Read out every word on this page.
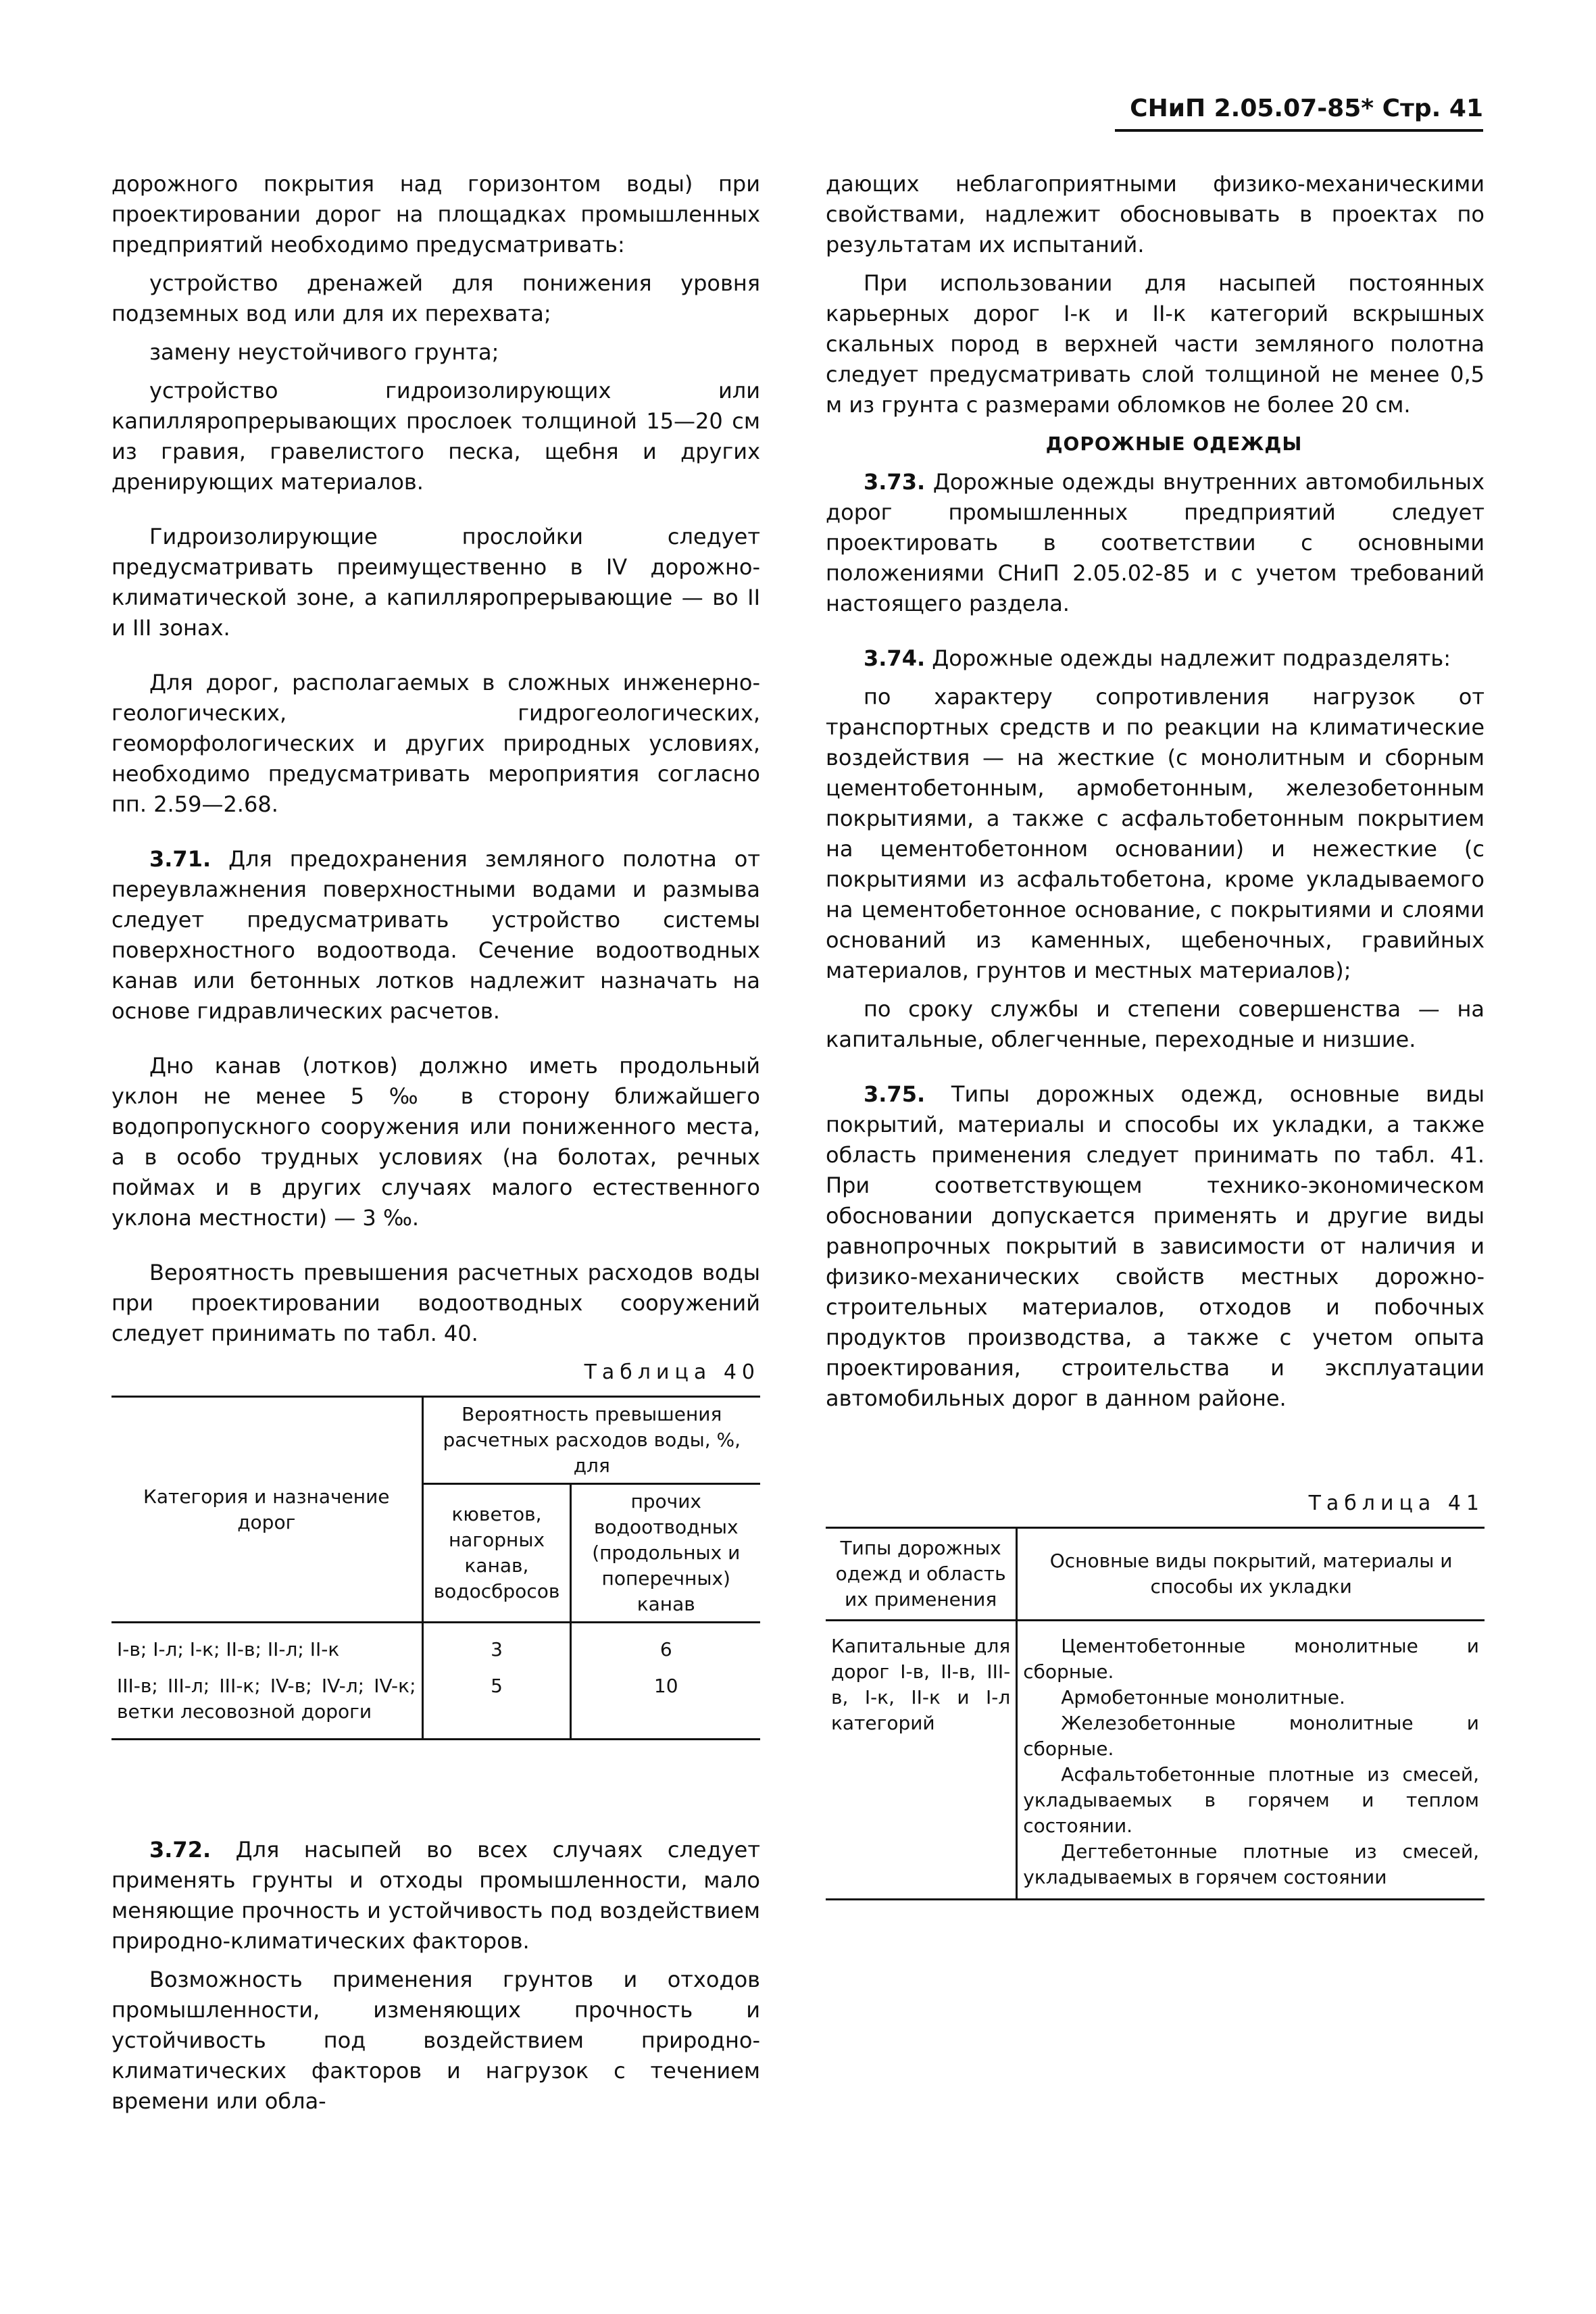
СНиП 2.05.07-85* Стр. 41

дорожного покрытия над горизонтом воды) при проектировании дорог на площадках промышленных предприятий необходимо предусматривать:

устройство дренажей для понижения уровня подземных вод или для их перехвата;

замену неустойчивого грунта;

устройство гидроизолирующих или капилляропрерывающих прослоек толщиной 15—20 см из гравия, гравелистого песка, щебня и других дренирующих материалов.

Гидроизолирующие прослойки следует предусматривать преимущественно в IV дорожно-климатической зоне, а капилляропрерывающие — во II и III зонах.

Для дорог, располагаемых в сложных инженерно-геологических, гидрогеологических, геоморфологических и других природных условиях, необходимо предусматривать мероприятия согласно пп. 2.59—2.68.

3.71. Для предохранения земляного полотна от переувлажнения поверхностными водами и размыва следует предусматривать устройство системы поверхностного водоотвода. Сечение водоотводных канав или бетонных лотков надлежит назначать на основе гидравлических расчетов.

Дно канав (лотков) должно иметь продольный уклон не менее 5 ‰ в сторону ближайшего водопропускного сооружения или пониженного места, а в особо трудных условиях (на болотах, речных поймах и в других случаях малого естественного уклона местности) — 3 ‰.

Вероятность превышения расчетных расходов воды при проектировании водоотводных сооружений следует принимать по табл. 40.

Таблица 40

Категория и назначение дорог	Вероятность превышения расчетных расходов воды, %, для	
	кюветов, нагорных канав, водосбросов	прочих водоотводных (продольных и поперечных) канав
I-в; I-л; I-к; II-в; II-л; II-к	3	6
III-в; III-л; III-к; IV-в; IV-л; IV-к; ветки лесовозной дороги	5	10

3.72. Для насыпей во всех случаях следует применять грунты и отходы промышленности, мало меняющие прочность и устойчивость под воздействием природно-климатических факторов.

Возможность применения грунтов и отходов промышленности, изменяющих прочность и устойчивость под воздействием природно-климатических факторов и нагрузок с течением времени или обла-

дающих неблагоприятными физико-механическими свойствами, надлежит обосновывать в проектах по результатам их испытаний.

При использовании для насыпей постоянных карьерных дорог I-к и II-к категорий вскрышных скальных пород в верхней части земляного полотна следует предусматривать слой толщиной не менее 0,5 м из грунта с размерами обломков не более 20 см.

ДОРОЖНЫЕ ОДЕЖДЫ

3.73. Дорожные одежды внутренних автомобильных дорог промышленных предприятий следует проектировать в соответствии с основными положениями СНиП 2.05.02-85 и с учетом требований настоящего раздела.

3.74. Дорожные одежды надлежит подразделять:

по характеру сопротивления нагрузок от транспортных средств и по реакции на климатические воздействия — на жесткие (с монолитным и сборным цементобетонным, армобетонным, железобетонным покрытиями, а также с асфальтобетонным покрытием на цементобетонном основании) и нежесткие (с покрытиями из асфальтобетона, кроме укладываемого на цементобетонное основание, с покрытиями и слоями оснований из каменных, щебеночных, гравийных материалов, грунтов и местных материалов);

по сроку службы и степени совершенства — на капитальные, облегченные, переходные и низшие.

3.75. Типы дорожных одежд, основные виды покрытий, материалы и способы их укладки, а также область применения следует принимать по табл. 41. При соответствующем технико-экономическом обосновании допускается применять и другие виды равнопрочных покрытий в зависимости от наличия и физико-механических свойств местных дорожно-строительных материалов, отходов и побочных продуктов производства, а также с учетом опыта проектирования, строительства и эксплуатации автомобильных дорог в данном районе.

Таблица 41

Типы дорожных одежд и область их применения	Основные виды покрытий, материалы и способы их укладки
Капитальные для дорог I-в, II-в, III-в, I-к, II-к и I-л категорий	Цементобетонные монолитные и сборные.

Армобетонные монолитные.

Железобетонные монолитные и сборные.

Асфальтобетонные плотные из смесей, укладываемых в горячем и теплом состоянии.

Дегтебетонные плотные из смесей, укладываемых в горячем состоянии
